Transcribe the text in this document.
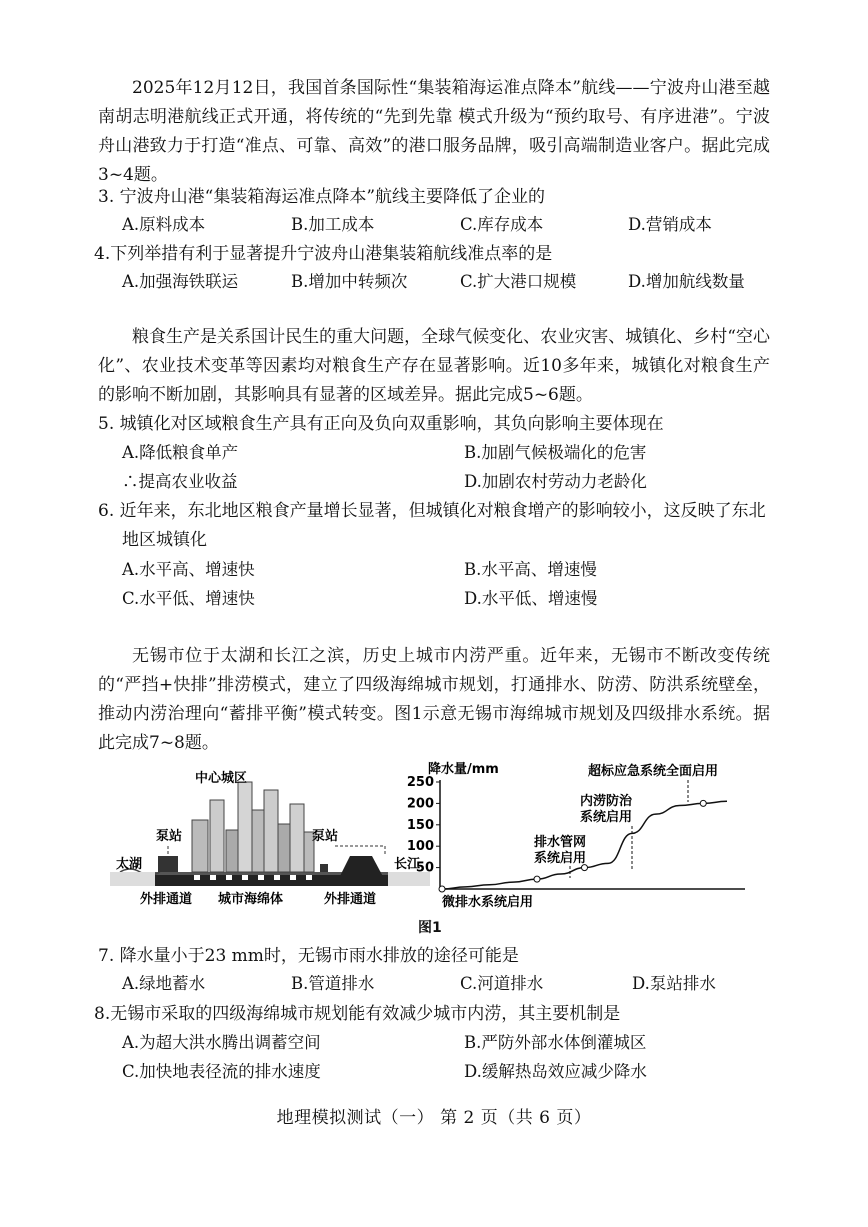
2025年12月12日，我国首条国际性“集装箱海运准点降本”航线——宁波舟山港至越南胡志明港航线正式开通，将传统的“先到先靠 模式升级为“预约取号、有序进港”。宁波舟山港致力于打造“准点、可靠、高效”的港口服务品牌，吸引高端制造业客户。据此完成3~4题。

3. 宁波舟山港“集装箱海运准点降本”航线主要降低了企业的

A.原料成本	B.加工成本	C.库存成本	D.营销成本

4.下列举措有利于显著提升宁波舟山港集装箱航线准点率的是

A.加强海铁联运	B.增加中转频次	C.扩大港口规模	D.增加航线数量

粮食生产是关系国计民生的重大问题，全球气候变化、农业灾害、城镇化、乡村“空心化”、农业技术变革等因素均对粮食生产存在显著影响。近10多年来，城镇化对粮食生产的影响不断加剧，其影响具有显著的区域差异。据此完成5~6题。

5. 城镇化对区域粮食生产具有正向及负向双重影响，其负向影响主要体现在

A.降低粮食单产	B.加剧气候极端化的危害
∴提高农业收益	D.加剧农村劳动力老龄化

6. 近年来，东北地区粮食产量增长显著，但城镇化对粮食增产的影响较小，这反映了东北地区城镇化

A.水平高、增速快	B.水平高、增速慢
C.水平低、增速快	D.水平低、增速慢

无锡市位于太湖和长江之滨，历史上城市内涝严重。近年来，无锡市不断改变传统的“严挡+快排”排涝模式，建立了四级海绵城市规划，打通排水、防涝、防洪系统壁垒，推动内涝治理向“蓄排平衡”模式转变。图1示意无锡市海绵城市规划及四级排水系统。据此完成7~8题。

中心城区
泵站	泵站
太湖	长江
外排通道 城市海绵体	外排通道
降水量/mm
250
200
150
100
50
超标应急系统全面启用
内涝防治
系统启用
排水管网
系统启用
微排水系统启用
图1

7. 降水量小于23 mm时，无锡市雨水排放的途径可能是

A.绿地蓄水	B.管道排水	C.河道排水	D.泵站排水

8.无锡市采取的四级海绵城市规划能有效减少城市内涝，其主要机制是

A.为超大洪水腾出调蓄空间	B.严防外部水体倒灌城区
C.加快地表径流的排水速度	D.缓解热岛效应减少降水
地理模拟测试（一） 第 2 页（共 6 页）
